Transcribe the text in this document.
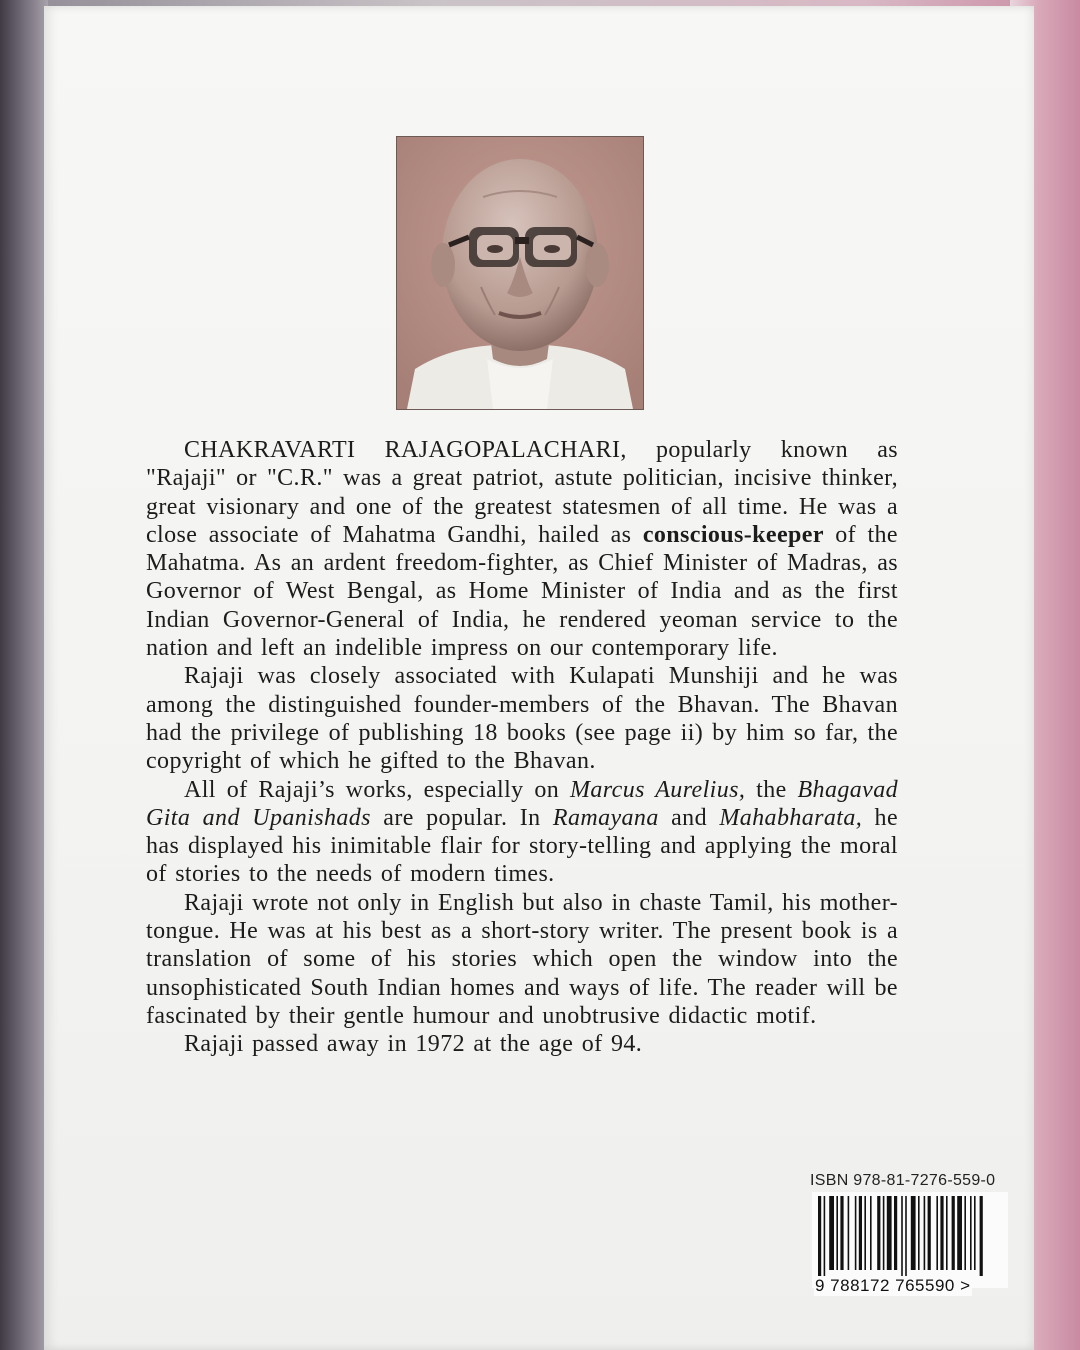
CHAKRAVARTI RAJAGOPALACHARI, popularly known as "Rajaji" or "C.R." was a great patriot, astute politician, incisive thinker, great visionary and one of the greatest statesmen of all time. He was a close associate of Mahatma Gandhi, hailed as conscious-keeper of the Mahatma. As an ardent freedom-fighter, as Chief Minister of Madras, as Governor of West Bengal, as Home Minister of India and as the first Indian Governor-General of India, he rendered yeoman service to the nation and left an indelible impress on our contemporary life.

Rajaji was closely associated with Kulapati Munshiji and he was among the distinguished founder-members of the Bhavan. The Bhavan had the privilege of publishing 18 books (see page ii) by him so far, the copyright of which he gifted to the Bhavan.

All of Rajaji’s works, especially on Marcus Aurelius, the Bhagavad Gita and Upanishads are popular. In Ramayana and Mahabharata, he has displayed his inimitable flair for story-telling and applying the moral of stories to the needs of modern times.

Rajaji wrote not only in English but also in chaste Tamil, his mother-tongue. He was at his best as a short-story writer. The present book is a translation of some of his stories which open the window into the unsophisticated South Indian homes and ways of life. The reader will be fascinated by their gentle humour and unobtrusive didactic motif.

Rajaji passed away in 1972 at the age of 94.

ISBN 978-81-7276-559-0
9 788172 765590 >
